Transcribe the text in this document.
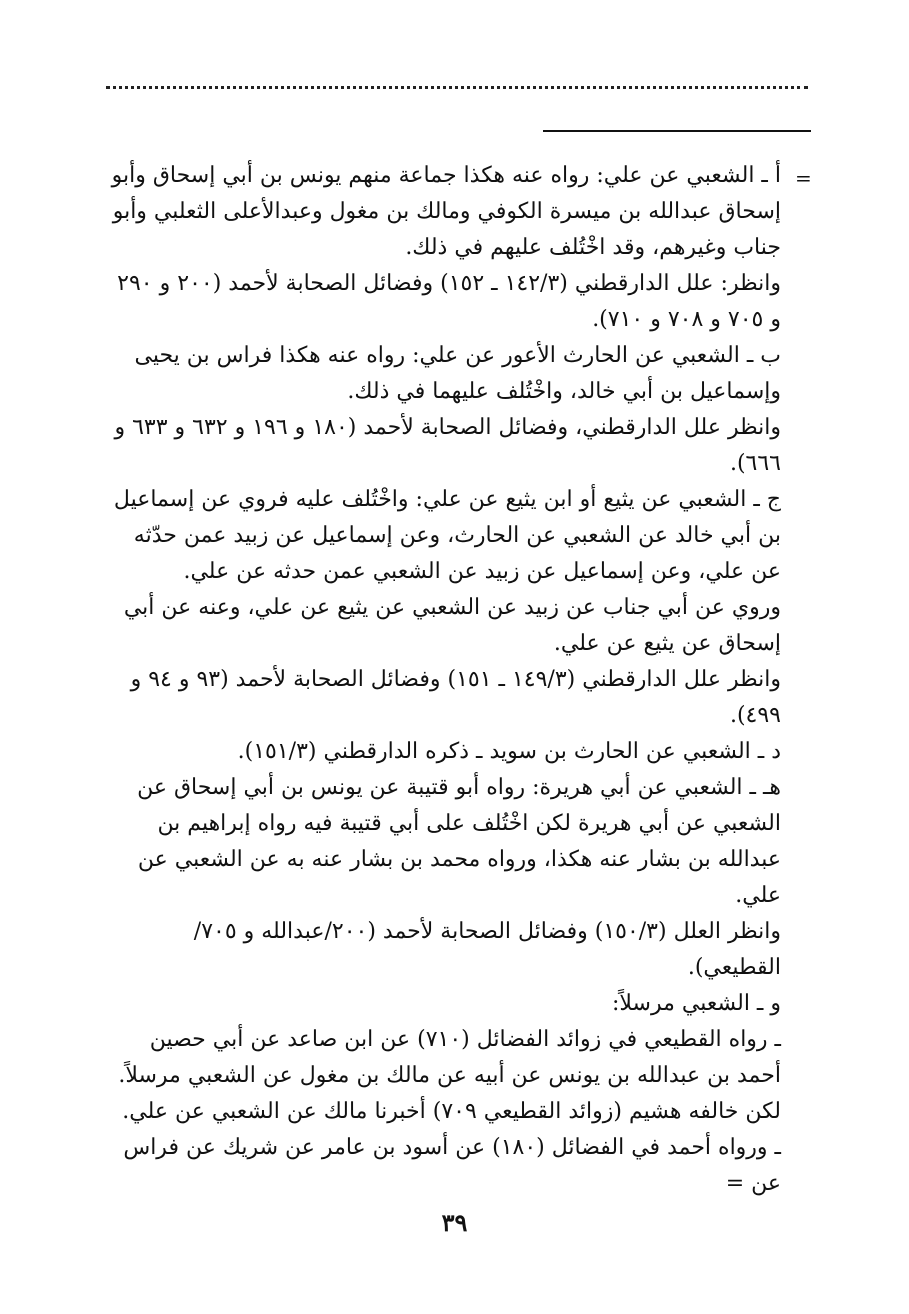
=

أ ـ الشعبي عن علي: رواه عنه هكذا جماعة منهم يونس بن أبي إسحاق وأبو إسحاق عبدالله بن ميسرة الكوفي ومالك بن مغول وعبدالأعلى الثعلبي وأبو جناب وغيرهم، وقد اخْتُلف عليهم في ذلك.

وانظر: علل الدارقطني (١٤٢/٣ ـ ١٥٢) وفضائل الصحابة لأحمد (٢٠٠ و ٢٩٠ و ٧٠٥ و ٧٠٨ و ٧١٠).

ب ـ الشعبي عن الحارث الأعور عن علي: رواه عنه هكذا فراس بن يحيى وإسماعيل بن أبي خالد، واخْتُلف عليهما في ذلك.

وانظر علل الدارقطني، وفضائل الصحابة لأحمد (١٨٠ و ١٩٦ و ٦٣٢ و ٦٣٣ و ٦٦٦).

ج ـ الشعبي عن يثيع أو ابن يثيع عن علي: واخْتُلف عليه فروي عن إسماعيل بن أبي خالد عن الشعبي عن الحارث، وعن إسماعيل عن زبيد عمن حدّثه عن علي، وعن إسماعيل عن زبيد عن الشعبي عمن حدثه عن علي.

وروي عن أبي جناب عن زبيد عن الشعبي عن يثيع عن علي، وعنه عن أبي إسحاق عن يثيع عن علي.

وانظر علل الدارقطني (١٤٩/٣ ـ ١٥١) وفضائل الصحابة لأحمد (٩٣ و ٩٤ و ٤٩٩).

د ـ الشعبي عن الحارث بن سويد ـ ذكره الدارقطني (١٥١/٣).

هـ ـ الشعبي عن أبي هريرة: رواه أبو قتيبة عن يونس بن أبي إسحاق عن الشعبي عن أبي هريرة لكن اخْتُلف على أبي قتيبة فيه رواه إبراهيم بن عبدالله بن بشار عنه هكذا، ورواه محمد بن بشار عنه به عن الشعبي عن علي.

وانظر العلل (١٥٠/٣) وفضائل الصحابة لأحمد (٢٠٠/عبدالله و ٧٠٥/القطيعي).

و ـ الشعبي مرسلاً:

ـ رواه القطيعي في زوائد الفضائل (٧١٠) عن ابن صاعد عن أبي حصين أحمد بن عبدالله بن يونس عن أبيه عن مالك بن مغول عن الشعبي مرسلاً.

لكن خالفه هشيم (زوائد القطيعي ٧٠٩) أخبرنا مالك عن الشعبي عن علي.

ـ ورواه أحمد في الفضائل (١٨٠) عن أسود بن عامر عن شريك عن فراس عن =

٣٩
